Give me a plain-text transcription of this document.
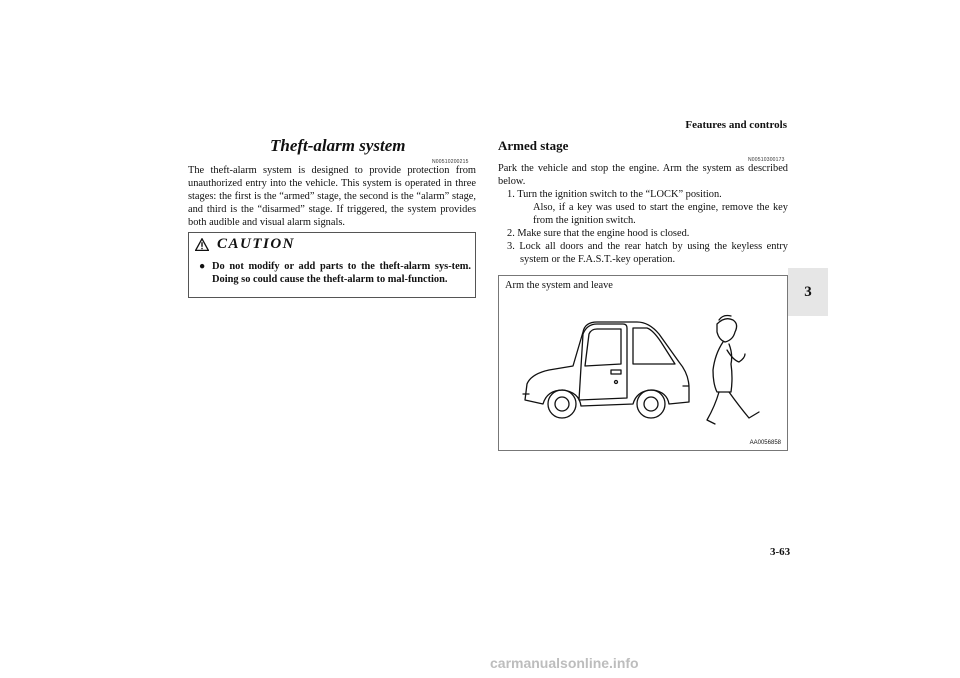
Features and controls
3
Theft-alarm system
N00510200215
The theft-alarm system is designed to provide protection from unauthorized entry into the vehicle. This system is operated in three stages: the first is the “armed” stage, the second is the “alarm” stage, and third is the “disarmed” stage. If triggered, the system provides both audible and visual alarm signals.
CAUTION
● Do not modify or add parts to the theft-alarm sys-tem. Doing so could cause the theft-alarm to mal-function.
Armed stage
N00510300173
Park the vehicle and stop the engine. Arm the system as described below.
1. Turn the ignition switch to the “LOCK” position.
Also, if a key was used to start the engine, remove the key from the ignition switch.
2. Make sure that the engine hood is closed.
3. Lock all doors and the rear hatch by using the keyless entry system or the F.A.S.T.-key operation.
Arm the system and leave
AA0056858
3-63
carmanualsonline.info
